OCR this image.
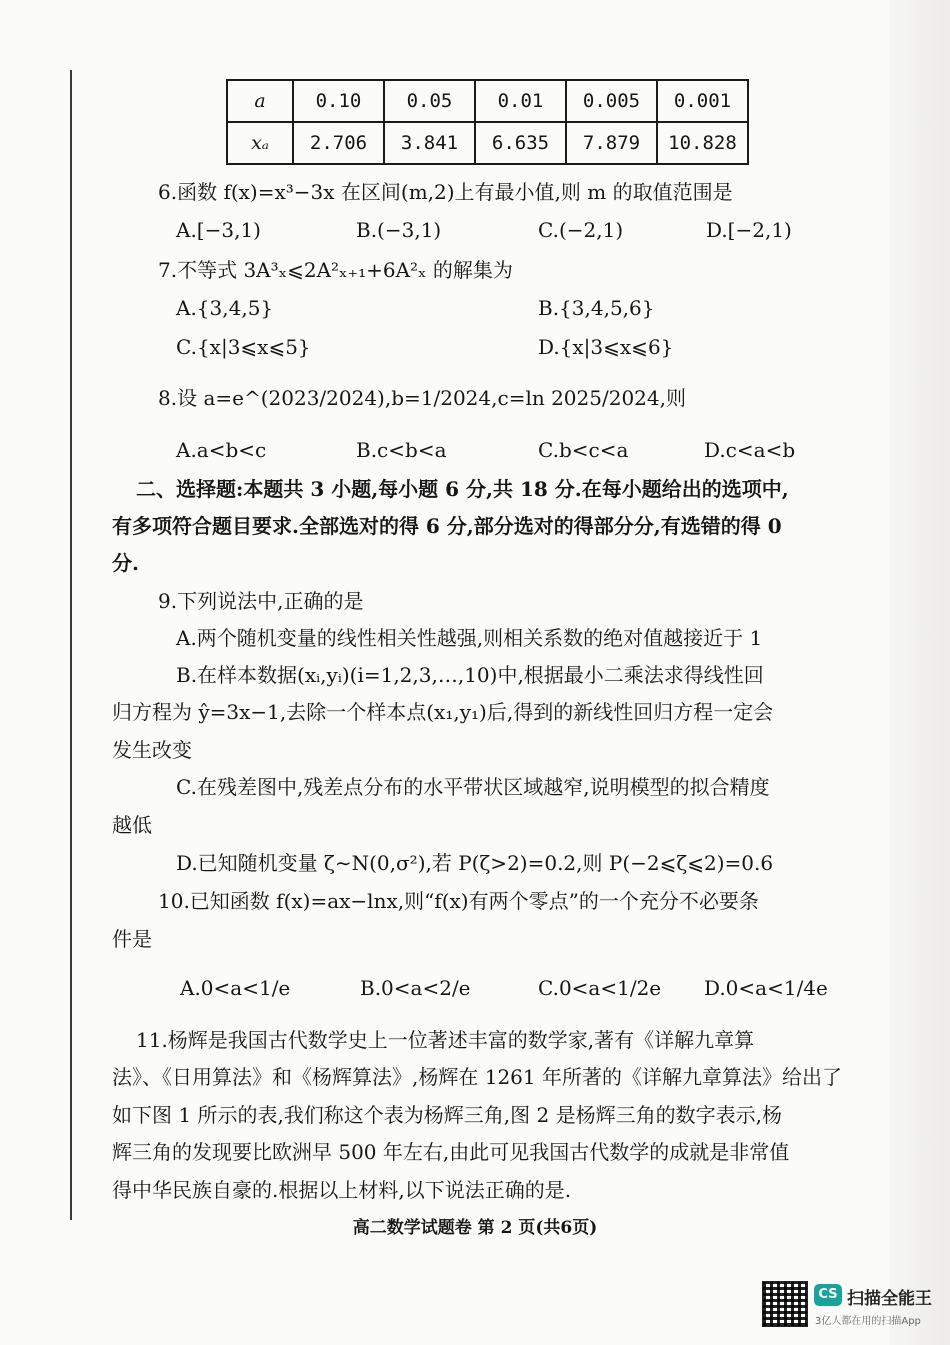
a	0.10	0.05	0.01	0.005	0.001
xₐ	2.706	3.841	6.635	7.879	10.828
6.函数 f(x)=x³−3x 在区间(m,2)上有最小值,则 m 的取值范围是
A.[−3,1)	B.(−3,1)	C.(−2,1)	D.[−2,1)
7.不等式 3A³ₓ⩽2A²ₓ₊₁+6A²ₓ 的解集为
A.{3,4,5}	B.{3,4,5,6}
C.{x|3⩽x⩽5}	D.{x|3⩽x⩽6}
8.设 a=e^(2023/2024),b=1/2024,c=ln 2025/2024,则
A.a<b<c	B.c<b<a	C.b<c<a	D.c<a<b
二、选择题:本题共 3 小题,每小题 6 分,共 18 分.在每小题给出的选项中,
有多项符合题目要求.全部选对的得 6 分,部分选对的得部分分,有选错的得 0
分.
9.下列说法中,正确的是
A.两个随机变量的线性相关性越强,则相关系数的绝对值越接近于 1
B.在样本数据(xᵢ,yᵢ)(i=1,2,3,…,10)中,根据最小二乘法求得线性回
归方程为 ŷ=3x−1,去除一个样本点(x₁,y₁)后,得到的新线性回归方程一定会
发生改变
C.在残差图中,残差点分布的水平带状区域越窄,说明模型的拟合精度
越低
D.已知随机变量 ζ∼N(0,σ²),若 P(ζ>2)=0.2,则 P(−2⩽ζ⩽2)=0.6
10.已知函数 f(x)=ax−lnx,则“f(x)有两个零点”的一个充分不必要条
件是
A.0<a<1/e	B.0<a<2/e	C.0<a<1/2e D.0<a<1/4e
11.杨辉是我国古代数学史上一位著述丰富的数学家,著有《详解九章算
法》、《日用算法》和《杨辉算法》,杨辉在 1261 年所著的《详解九章算法》给出了
如下图 1 所示的表,我们称这个表为杨辉三角,图 2 是杨辉三角的数字表示,杨
辉三角的发现要比欧洲早 500 年左右,由此可见我国古代数学的成就是非常值
得中华民族自豪的.根据以上材料,以下说法正确的是.
高二数学试题卷 第 2 页(共6页)
CS 扫描全能王
3亿人都在用的扫描App
